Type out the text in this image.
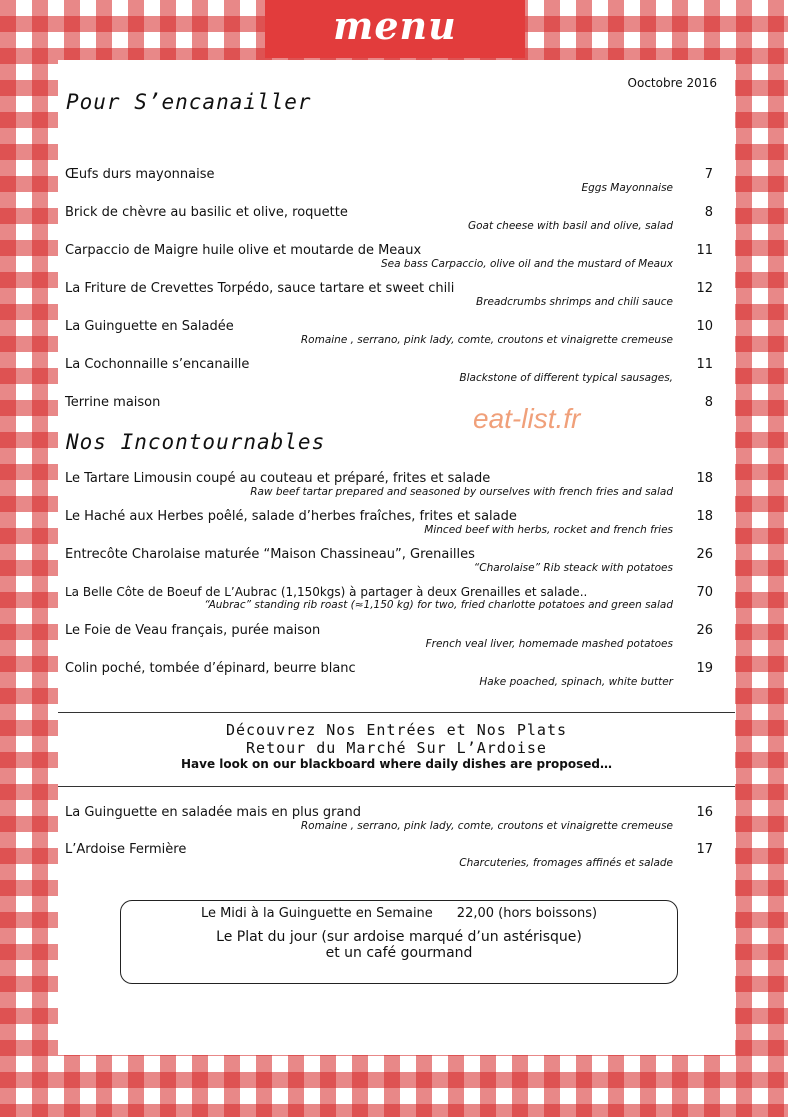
menu
Ooctobre 2016
Pour S’encanailler
Œufs durs mayonnaise	7
Eggs Mayonnaise
Brick de chèvre au basilic et olive, roquette	8
Goat cheese with basil and olive, salad
Carpaccio de Maigre huile olive et moutarde de Meaux	11
Sea bass Carpaccio, olive oil and the mustard of Meaux
La Friture de Crevettes Torpédo, sauce tartare et sweet chili	12
Breadcrumbs shrimps and chili sauce
La Guinguette en Saladée	10
Romaine , serrano, pink lady, comte, croutons et vinaigrette cremeuse
La Cochonnaille s’encanaille	11
Blackstone of different typical sausages,
Terrine maison	8
eat-list.fr
Nos Incontournables
Le Tartare Limousin coupé au couteau et préparé, frites et salade	18
Raw beef tartar prepared and seasoned by ourselves with french fries and salad
Le Haché aux Herbes poêlé, salade d’herbes fraîches, frites et salade	18
Minced beef with herbs, rocket and french fries
Entrecôte Charolaise maturée “Maison Chassineau”, Grenailles	26
“Charolaise” Rib steack with potatoes
La Belle Côte de Boeuf de L’Aubrac (1,150kgs) à partager à deux Grenailles et salade..	70
“Aubrac” standing rib roast (≈1,150 kg) for two, fried charlotte potatoes and green salad
Le Foie de Veau français, purée maison	26
French veal liver, homemade mashed potatoes
Colin poché, tombée d’épinard, beurre blanc	19
Hake poached, spinach, white butter
Découvrez Nos Entrées et Nos Plats
Retour du Marché Sur L’Ardoise
Have look on our blackboard where daily dishes are proposed…
La Guinguette en saladée mais en plus grand	16
Romaine , serrano, pink lady, comte, croutons et vinaigrette cremeuse
L’Ardoise Fermière	17
Charcuteries, fromages affinés et salade
Le Midi à la Guinguette en Semaine 22,00 (hors boissons)
Le Plat du jour (sur ardoise marqué d’un astérisque)
et un café gourmand
